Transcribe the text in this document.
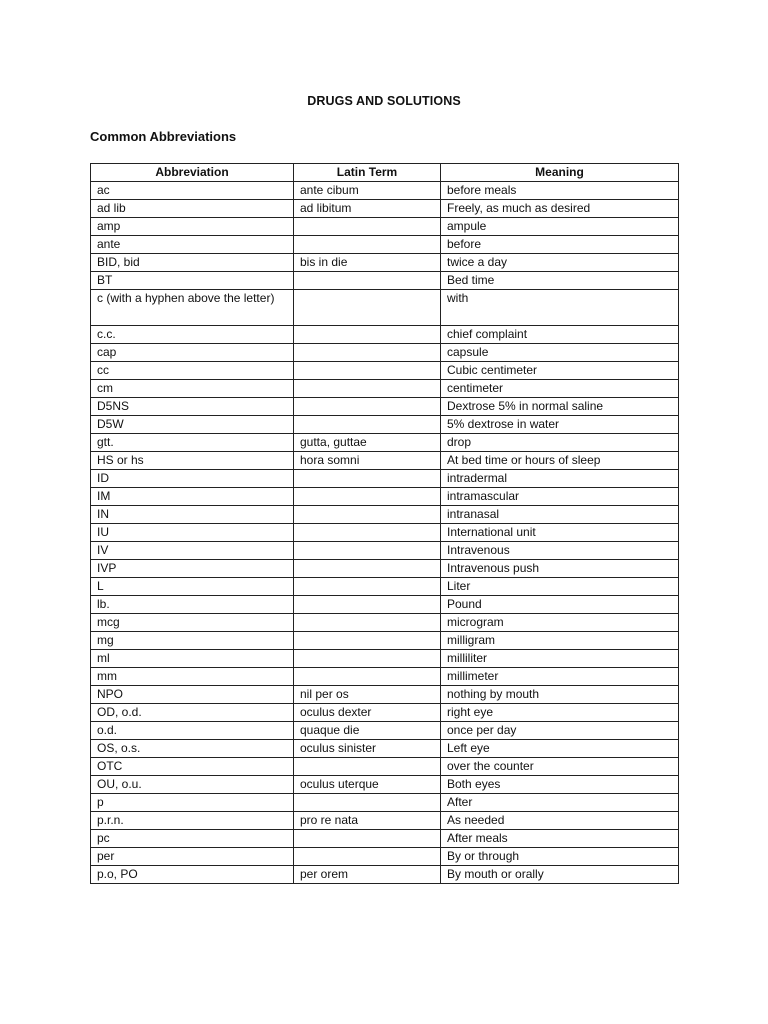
DRUGS AND SOLUTIONS
Common Abbreviations
Abbreviation	Latin Term	Meaning
ac	ante cibum	before meals
ad lib	ad libitum	Freely, as much as desired
amp		ampule
ante		before
BID, bid	bis in die	twice a day
BT		Bed time
c (with a hyphen above the letter)		with
c.c.		chief complaint
cap		capsule
cc		Cubic centimeter
cm		centimeter
D5NS		Dextrose 5% in normal saline
D5W		5% dextrose in water
gtt.	gutta, guttae	drop
HS or hs	hora somni	At bed time or hours of sleep
ID		intradermal
IM		intramascular
IN		intranasal
IU		International unit
IV		Intravenous
IVP		Intravenous push
L		Liter
lb.		Pound
mcg		microgram
mg		milligram
ml		milliliter
mm		millimeter
NPO	nil per os	nothing by mouth
OD, o.d.	oculus dexter	right eye
o.d.	quaque die	once per day
OS, o.s.	oculus sinister	Left eye
OTC		over the counter
OU, o.u.	oculus uterque	Both eyes
p		After
p.r.n.	pro re nata	As needed
pc		After meals
per		By or through
p.o, PO	per orem	By mouth or orally
